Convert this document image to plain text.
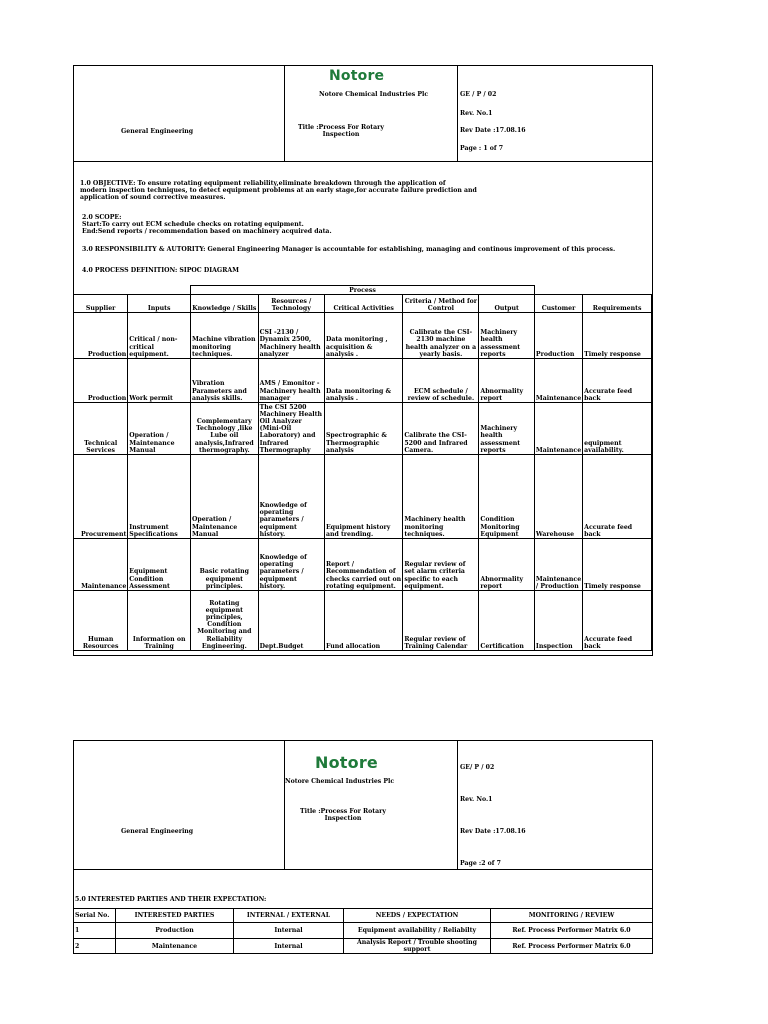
Notore
Notore Chemical Industries Plc
General Engineering
Title :Process For Rotary Inspection
GE / P / 02
Rev. No.1
Rev Date :17.08.16
Page : 1 of 7

1.0 OBJECTIVE: To ensure rotating equipment reliability,eliminate breakdown through the application of

modern inspection techniques, to detect equipment problems at an early stage,for accurate failure prediction and

application of sound corrective measures.

2.0 SCOPE:

Start:To carry out ECM schedule checks on rotating equipment.

End:Send reports / recommendation based on machinery acquired data.

3.0 RESPONSIBILITY & AUTORITY: General Engineering Manager is accountable for establishing, managing and continous improvement of this process.
4.0 PROCESS DEFINITION: SIPOC DIAGRAM
		Process						
Supplier	Inputs	Knowledge / Skills	Resources / Technology	Critical Activities	Criteria / Method for Control	Output	Customer	Requirements
Production	Critical / non-critical equipment.	Machine vibration monitoring techniques.	CSI -2130 / Dynamix 2500, Machinery health analyzer	Data monitoring , acquisition & analysis .	Calibrate the CSI-2130 machine health analyzer on a yearly basis.	Machinery health assessment reports	Production	Timely response
Production	Work permit	Vibration Parameters and analysis skills.	AMS / Emonitor - Machinery health manager	Data monitoring & analysis .	ECM schedule / review of schedule.	Abnormality report	Maintenance	Accurate feed back
Technical Services	Operation / Maintenance Manual	Complementary Technology ,like Lube oil analysis,Infrared thermography.	The CSI 5200 Machinery Health Oil Analyzer (Mini-Oil Laboratory) and Infrared Thermography	Spectrographic & Thermographic analysis	Calibrate the CSI-5200 and Infrared Camera.	Machinery health assessment reports	Maintenance	equipment availability.
Procurement	Instrument Specifications	Operation / Maintenance Manual	Knowledge of operating parameters / equipment history.	Equipment history and trending.	Machinery health monitoring techniques.	Condition Monitoring Equipment	Warehouse	Accurate feed back
Maintenance	Equipment Condition Assessment	Basic rotating equipment principles.	Knowledge of operating parameters / equipment history.	Report / Recommendation of checks carried out on rotating equipment.	Regular review of set alarm criteria specific to each equipment.	Abnormality report	Maintenance / Production	Timely response
Human Resources	Information on Training	Rotating equipment principles, Condition Monitoring and Reliability Engineering.	Dept.Budget	Fund allocation	Regular review of Training Calendar	Certification	Inspection	Accurate feed back
Notore
Notore Chemical Industries Plc
Title :Process For Rotary Inspection
General Engineering
GE/ P / 02
Rev. No.1
Rev Date :17.08.16
Page :2 of 7
5.0 INTERESTED PARTIES AND THEIR EXPECTATION:
Serial No.	INTERESTED PARTIES	INTERNAL / EXTERNAL	NEEDS / EXPECTATION	MONITORING / REVIEW
1	Production	Internal	Equipment availability / Reliabilty	Ref. Process Performer Matrix 6.0
2	Maintenance	Internal	Analysis Report / Trouble shooting support	Ref. Process Performer Matrix 6.0
